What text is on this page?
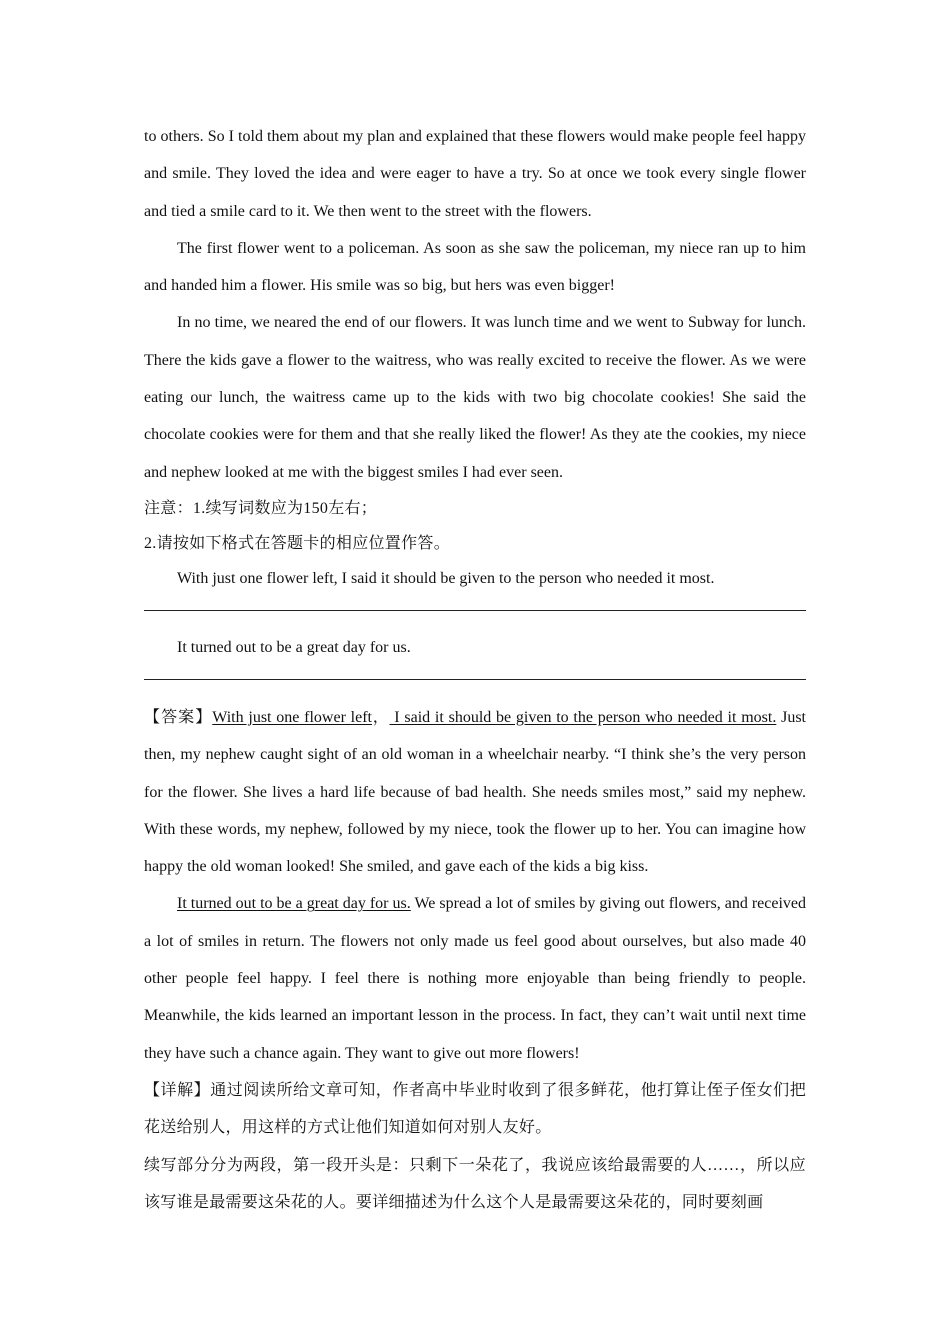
to others. So I told them about my plan and explained that these flowers would make people feel happy and smile. They loved the idea and were eager to have a try. So at once we took every single flower and tied a smile card to it. We then went to the street with the flowers.

The first flower went to a policeman. As soon as she saw the policeman, my niece ran up to him and handed him a flower. His smile was so big, but hers was even bigger!

In no time, we neared the end of our flowers. It was lunch time and we went to Subway for lunch. There the kids gave a flower to the waitress, who was really excited to receive the flower. As we were eating our lunch, the waitress came up to the kids with two big chocolate cookies! She said the chocolate cookies were for them and that she really liked the flower! As they ate the cookies, my niece and nephew looked at me with the biggest smiles I had ever seen.

注意：1.续写词数应为150左右；

2.请按如下格式在答题卡的相应位置作答。

With just one flower left, I said it should be given to the person who needed it most.

It turned out to be a great day for us.

【答案】With just one flower left， I said it should be given to the person who needed it most. Just then, my nephew caught sight of an old woman in a wheelchair nearby. “I think she’s the very person for the flower. She lives a hard life because of bad health. She needs smiles most,” said my nephew. With these words, my nephew, followed by my niece, took the flower up to her. You can imagine how happy the old woman looked! She smiled, and gave each of the kids a big kiss.

It turned out to be a great day for us. We spread a lot of smiles by giving out flowers, and received a lot of smiles in return. The flowers not only made us feel good about ourselves, but also made 40 other people feel happy. I feel there is nothing more enjoyable than being friendly to people. Meanwhile, the kids learned an important lesson in the process. In fact, they can’t wait until next time they have such a chance again. They want to give out more flowers!

【详解】通过阅读所给文章可知，作者高中毕业时收到了很多鲜花，他打算让侄子侄女们把花送给别人，用这样的方式让他们知道如何对别人友好。

续写部分分为两段，第一段开头是：只剩下一朵花了，我说应该给最需要的人……，所以应该写谁是最需要这朵花的人。要详细描述为什么这个人是最需要这朵花的，同时要刻画
